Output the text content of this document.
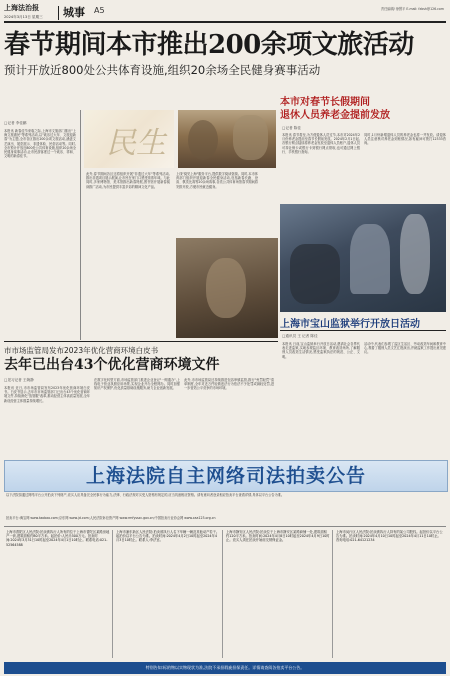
上海法治报
2024年3月13日 星期三	城事 A5	责任编辑/ 徐慧平 E-mail: fzbsh@126.com
春节期间本市推出200余项文旅活动
预计开放近800处公共体育设施,组织20余场全民健身赛事活动
□记者 李佳鹏
本报讯 新春佳节来临之际,上海市文旅部门推出"上海文旅惠民"等系列活动,以"欢乐过大年、文旅迎新春"为主题,全市各区推出200余项文旅活动,涵盖文艺演出、展览展示、非遗体验、民俗活动等。同时,全市预计开放近800处公共体育设施,组织20余场全民健身赛事活动,让市民游客度过一个欢乐、祥和、文明的新春佳节。	民生
此外,春节期间各区还将组织开展"非遗过大年"等系列活动,推出非遗项目展示展演,让市民在家门口感受浓浓年味。与此同时,多家博物馆、美术馆推出新春特展,图书馆开展新春阅读推广活动,为市民提供丰富多彩的精神文化产品。
上线"阅见上海"服务平台,提供数字阅读资源。同时,本市体育部门组织开展迎新春全民健身活动,包括新春长跑、登高、棋类比赛等20余场赛事,各类公共体育场馆春节期间将安排开放,方便市民就近健身。
本市对春节长假期间
退休人员养老金提前发放
□记者 陈佳
本报讯 春节将至,为方便退休人员过节,本市对2024年2月份养老金提前至春节长假前发放。2024年2月1日起,各银行网点陆续将养老金发放至退休人员账户,退休人员可持社保卡或银行卡到银行网点领取,也可通过网上银行、手机银行查询。
同时,1月份新增退休人员的养老金也将一并发放。请退休人员注意核对养老金到账情况,如有疑问可拨打12333咨询。
上海市宝山监狱举行开放日活动
市市场监管局发布2023年优化营商环境白皮书
去年已出台43个优化营商环境文件
□见习记者 王婉静
本报讯 近日,市市场监管局发布2023年优化营商环境白皮书。白皮书显示,去年市市场监管部门已出台43个优化营商环境文件,持续深化"放管服"改革,推动经营主体高质量发展,全年新设经营主体数量持续增长。
在数字化转型方面,市场监管部门推进企业登记"一网通办",上线电子营业执照应用场景,实现企业开办全程网办。同时加强知识产权保护,优化质量基础设施服务,助力企业创新发展。
此外,市市场监管局还持续推进包容审慎监管,推行"免罚轻罚"清单制度,全年对近万件轻微违法行为依法不予处罚或减轻处罚,进一步营造公平竞争的市场环境。
□通讯员 王 记者 陈佳
本报讯 日前,宝山监狱举行开放日活动,邀请社会各界代表走进监狱,实地参观监区环境、教育改造场所,了解服刑人员改造生活情况,感受监狱执法的规范、公正、文明。
活动中,代表们参观了监区生活区、劳动改造车间和教育中心,观看了服刑人员文艺汇报演出,并就监狱工作提出意见建议。
上海法院自主网络司法拍卖公告
以下法院拟通过网络平台公开拍卖下列财产,竞买人应具备完全民事行为能力,法律、行政法规对买受人资格有规定的,应当具备相应资格。请有意向者登录相应拍卖平台查看详情,具体以平台公告为准。
拍卖平台:淘宝网 www.taobao.com;京东网 www.jd.com;人民法院诉讼资产网 www.rmfysszc.gov.cn;中国拍卖行业协会网 www.caa123.org.cn
上海市普陀区人民法院:拍卖被执行人所有的位于上海市普陀区某路房地产一套,建筑面积约80平方米。起拍价:人民币500万元。拍卖时间:2024年3月31日10时起至2024年4月1日10时止。联系电话:021-52564588
上海市浦东新区人民法院:拍卖被执行人名下车辆一辆及其他动产若干。起拍价以平台公告为准。拍卖时间:2024年4月2日10时起至2024年4月3日10时止。联系人:李法官。
上海市静安区人民法院:拍卖位于上海市静安区某路商铺一处,建筑面积约120平方米。拍卖时间:2024年4月8日10时起至2024年4月9日10时止。竞买人须在拍卖开始前交纳保证金。
上海市闵行区人民法院:拍卖被执行人持有的某公司股权。起拍价以平台公告为准。拍卖时间:2024年4月10日10时起至2024年4月11日10时止。咨询电话:021-64121234
特别告知:标的物以实物现状为准,法院不承担瑕疵担保责任。详情请查阅各拍卖平台公告。
